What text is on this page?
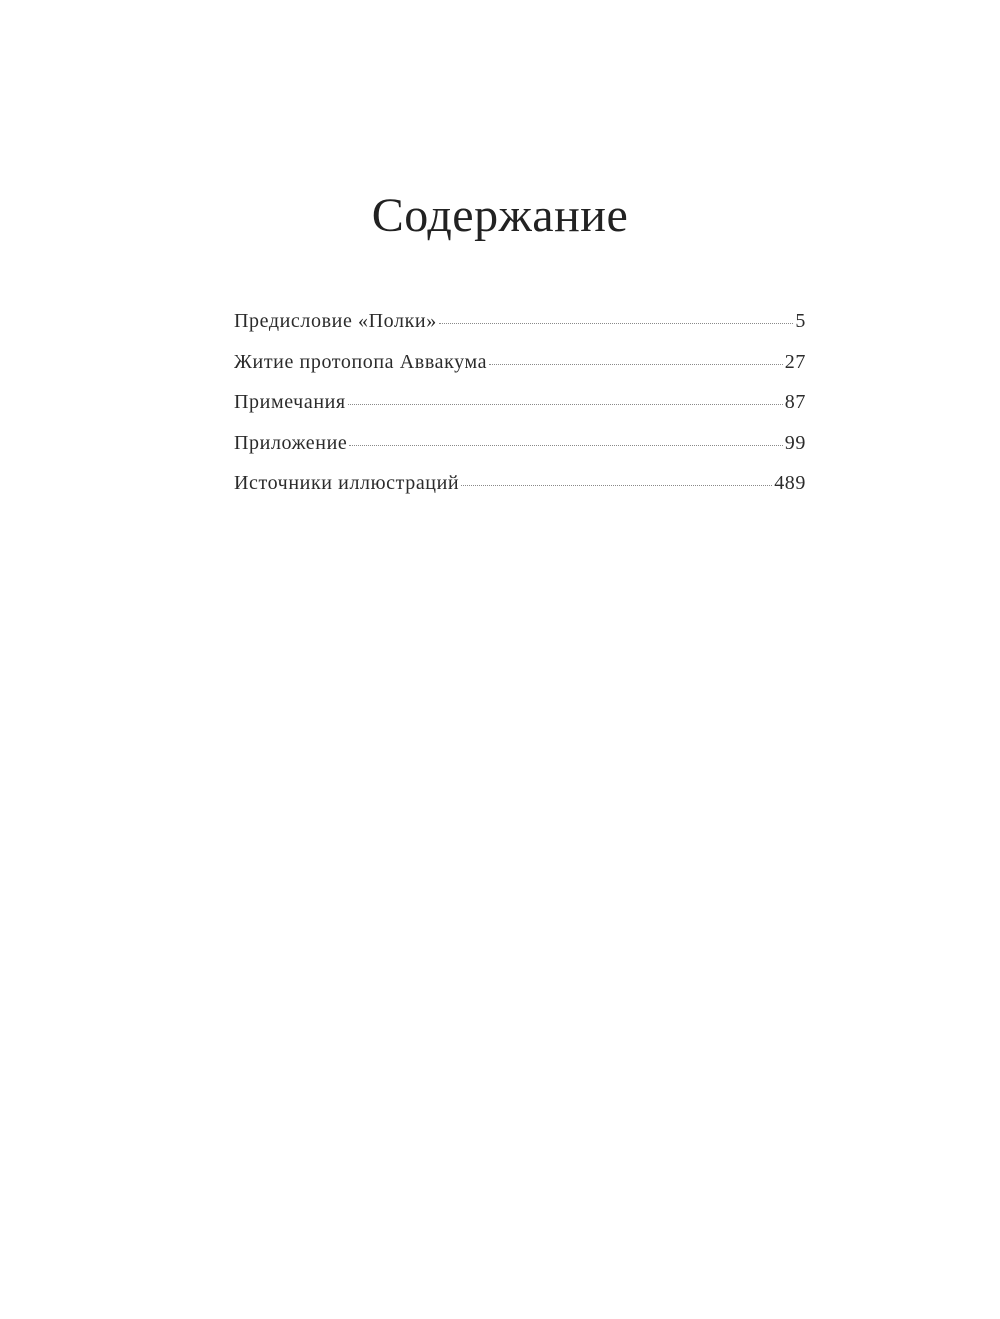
Содержание
Предисловие «Полки»	5
Житие протопопа Аввакума	27
Примечания	87
Приложение	99
Источники иллюстраций	489
